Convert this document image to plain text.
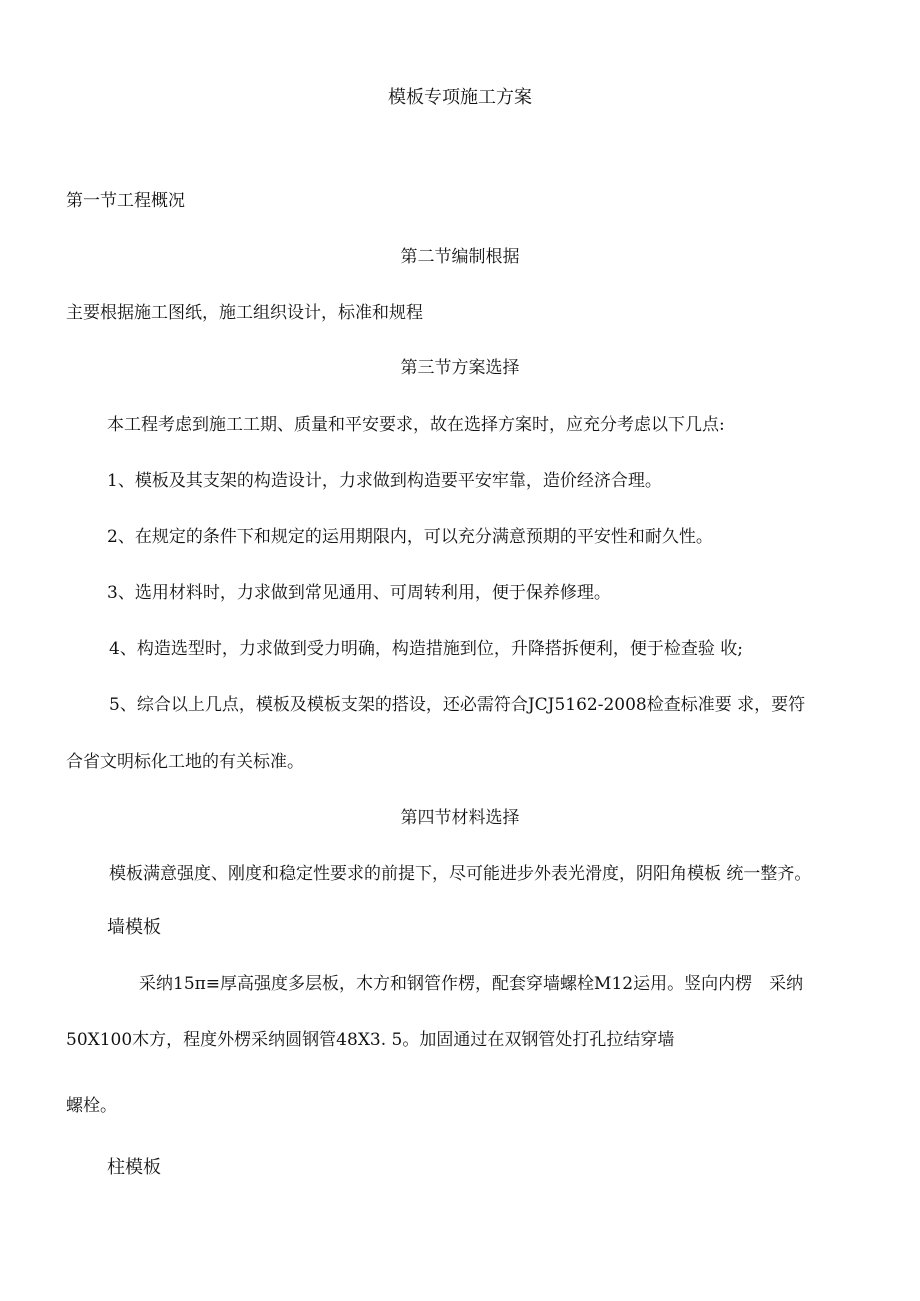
模板专项施工方案
第一节工程概况
第二节编制根据
主要根据施工图纸，施工组织设计，标准和规程
第三节方案选择
本工程考虑到施工工期、质量和平安要求，故在选择方案时，应充分考虑以下几点:
1、模板及其支架的构造设计，力求做到构造要平安牢靠，造价经济合理。
2、在规定的条件下和规定的运用期限内，可以充分满意预期的平安性和耐久性。
3、选用材料时，力求做到常见通用、可周转利用，便于保养修理。
4、构造选型时，力求做到受力明确，构造措施到位，升降搭拆便利，便于检查验 收;
5、综合以上几点，模板及模板支架的搭设，还必需符合JCJ5162-2008检查标准要 求，要符
合省文明标化工地的有关标准。
第四节材料选择
模板满意强度、刚度和稳定性要求的前提下，尽可能进步外表光滑度，阴阳角模板 统一整齐。
墙模板
采纳15π≡厚高强度多层板，木方和钢管作楞，配套穿墙螺栓M12运用。竖向内楞　采纳
50X100木方，程度外楞采纳圆钢管48X3. 5。加固通过在双钢管处打孔拉结穿墙
螺栓。
柱模板
